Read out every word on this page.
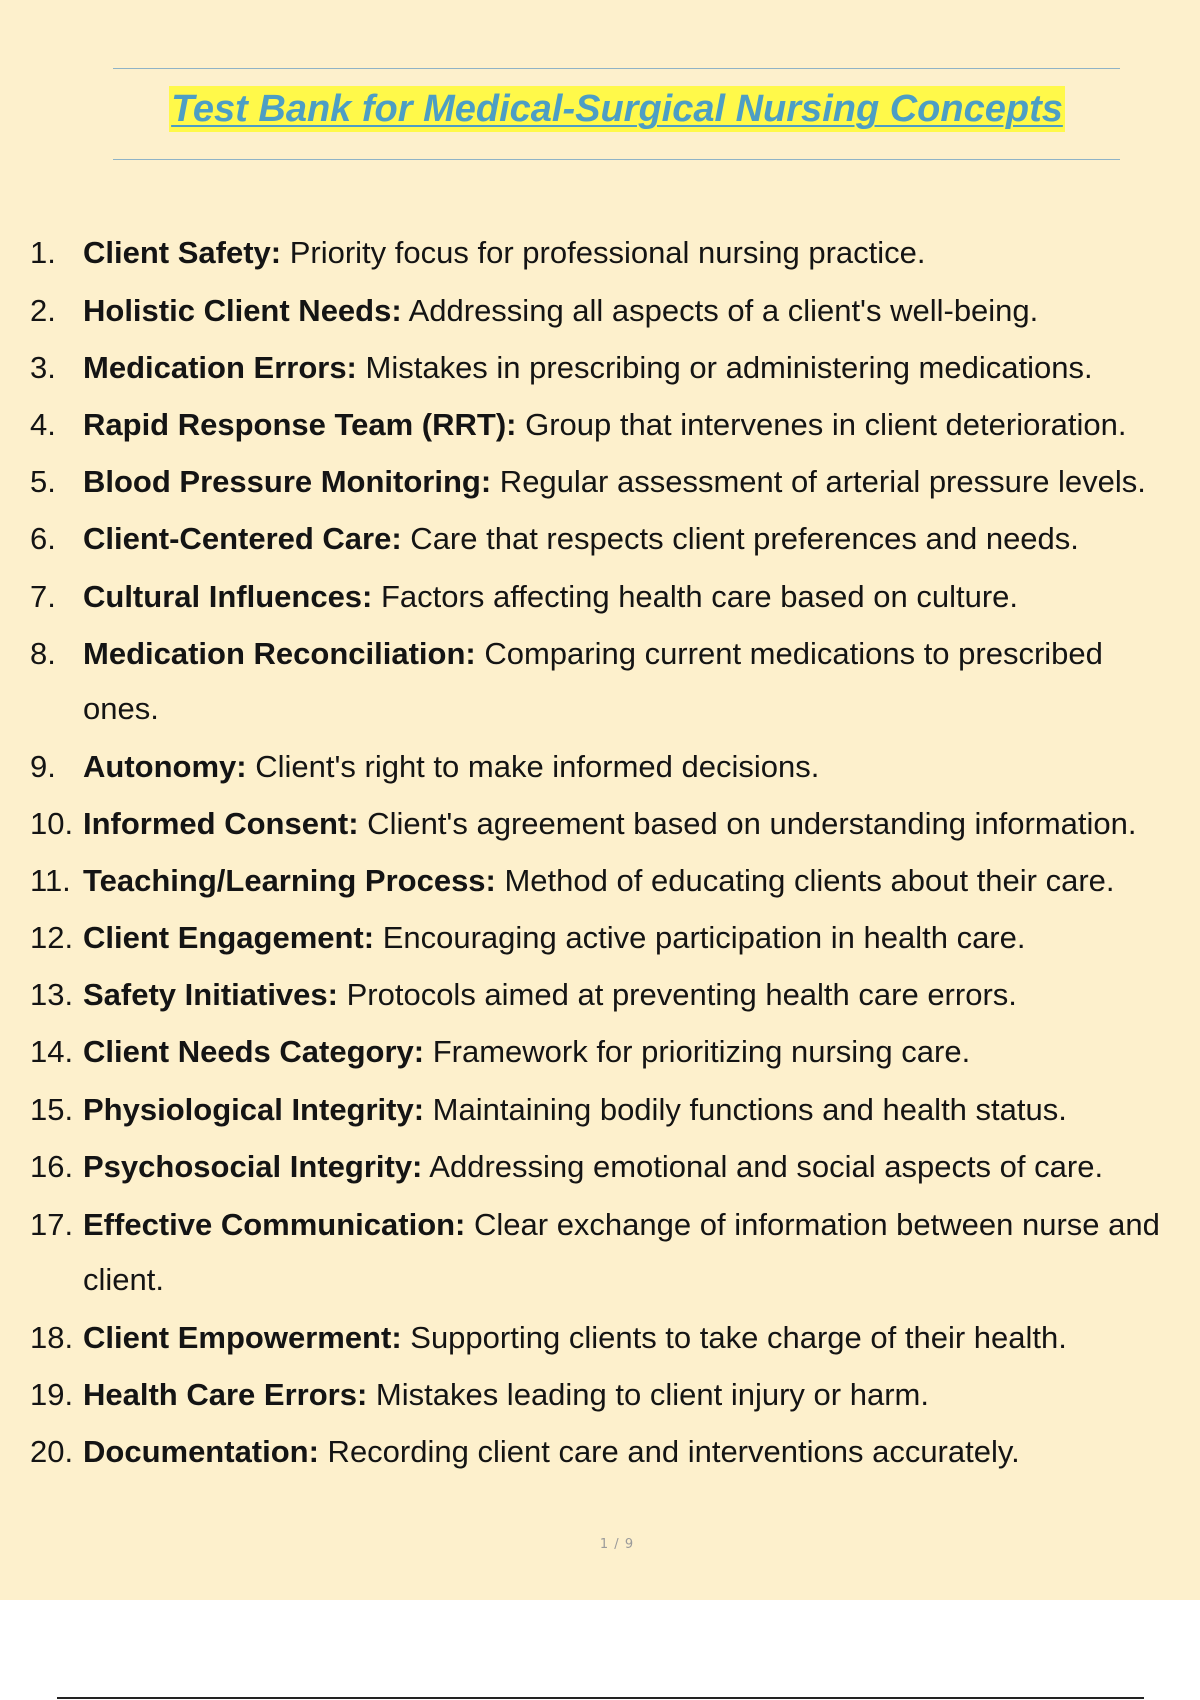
Test Bank for Medical-Surgical Nursing Concepts
1. Client Safety: Priority focus for professional nursing practice.
2. Holistic Client Needs: Addressing all aspects of a client's well-being.
3. Medication Errors: Mistakes in prescribing or administering medications.
4. Rapid Response Team (RRT): Group that intervenes in client deterioration.
5. Blood Pressure Monitoring: Regular assessment of arterial pressure levels.
6. Client-Centered Care: Care that respects client preferences and needs.
7. Cultural Influences: Factors affecting health care based on culture.
8. Medication Reconciliation: Comparing current medications to prescribed
ones.
9. Autonomy: Client's right to make informed decisions.
10. Informed Consent: Client's agreement based on understanding information.
11. Teaching/Learning Process: Method of educating clients about their care.
12. Client Engagement: Encouraging active participation in health care.
13. Safety Initiatives: Protocols aimed at preventing health care errors.
14. Client Needs Category: Framework for prioritizing nursing care.
15. Physiological Integrity: Maintaining bodily functions and health status.
16. Psychosocial Integrity: Addressing emotional and social aspects of care.
17. Effective Communication: Clear exchange of information between nurse and
client.
18. Client Empowerment: Supporting clients to take charge of their health.
19. Health Care Errors: Mistakes leading to client injury or harm.
20. Documentation: Recording client care and interventions accurately.
1 / 9
